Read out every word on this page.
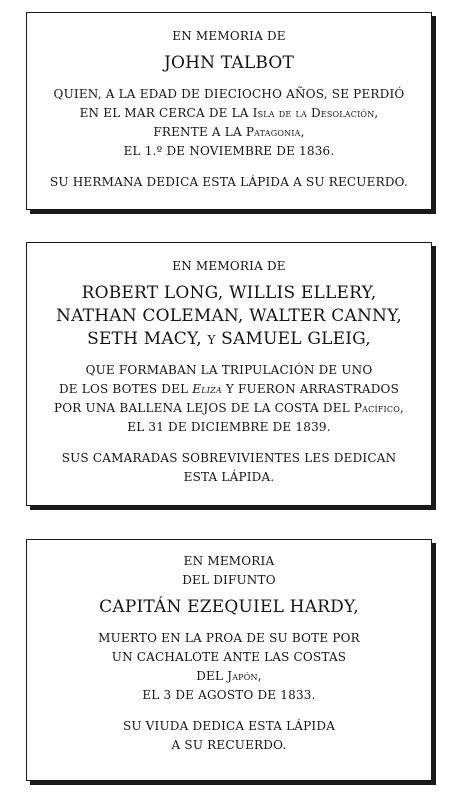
EN MEMORIA DE
JOHN TALBOT
QUIEN, A LA EDAD DE DIECIOCHO AÑOS, SE PERDIÓ
EN EL MAR CERCA DE LA Isla de la Desolación,
FRENTE A LA Patagonia,
EL 1.º DE NOVIEMBRE DE 1836.
SU HERMANA DEDICA ESTA LÁPIDA A SU RECUERDO.
EN MEMORIA DE
ROBERT LONG, WILLIS ELLERY,
NATHAN COLEMAN, WALTER CANNY,
SETH MACY, y SAMUEL GLEIG,
QUE FORMABAN LA TRIPULACIÓN DE UNO
DE LOS BOTES DEL Eliza Y FUERON ARRASTRADOS
POR UNA BALLENA LEJOS DE LA COSTA DEL Pacífico,
EL 31 DE DICIEMBRE DE 1839.
SUS CAMARADAS SOBREVIVIENTES LES DEDICAN
ESTA LÁPIDA.
EN MEMORIA
DEL DIFUNTO
CAPITÁN EZEQUIEL HARDY,
MUERTO EN LA PROA DE SU BOTE POR
UN CACHALOTE ANTE LAS COSTAS
DEL Japón,
EL 3 DE AGOSTO DE 1833.
SU VIUDA DEDICA ESTA LÁPIDA
A SU RECUERDO.
